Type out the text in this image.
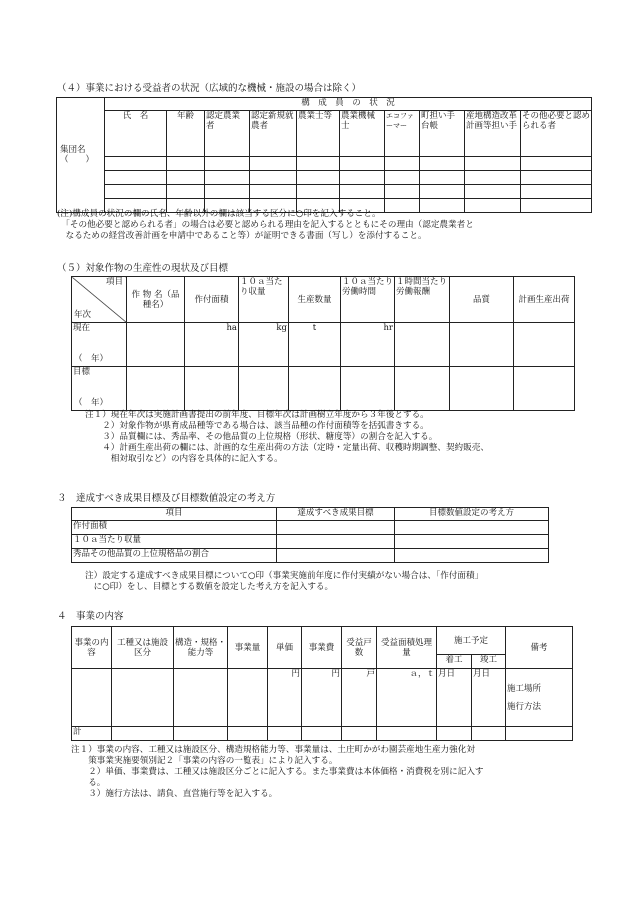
（４）事業における受益者の状況（広域的な機械・施設の場合は除く）
集団名
（　　）	構　成　員　の　状　況									
	氏　名	年齢	認定農業者	認定新規就農者	農業士等	農業機械士	エコファーマー	町担い手台帳	産地構造改革計画等担い手	その他必要と認められる者

(注)構成員の状況の欄の氏名、年齢以外の欄は該当する区分に○印を記入すること。
　「その他必要と認められる者」の場合は必要と認められる理由を記入するとともにその理由（認定農業者と
　なるための経営改善計画を申請中であること等）が証明できる書面（写し）を添付すること。
（５）対象作物の生産性の現状及び目標
項目
年次	作 物 名（品種名）	作付面積	１０ａ当たり収量	生産数量	１０ａ当たり労働時間	１時間当たり労働報酬	品質	計画生産出荷

現在
（　年）		ha	kg	t	hr			

目標
（　年）								

注１）現在年次は実施計画書提出の前年度、目標年次は計画樹立年度から３年後とする。
　　２）対象作物が県育成品種等である場合は、該当品種の作付面積等を括弧書きする。
　　３）品質欄には、秀品率、その他品質の上位規格（形状、糖度等）の割合を記入する。
　　４）計画生産出荷の欄には、計画的な生産出荷の方法（定時・定量出荷、収穫時期調整、契約販売、
　　　相対取引など）の内容を具体的に記入する。
３　達成すべき成果目標及び目標数値設定の考え方
項目	達成すべき成果目標	目標数値設定の考え方
作付面積		
１０ａ当たり収量		
秀品その他品質の上位規格品の割合		
注）設定する達成すべき成果目標について○印（事業実施前年度に作付実績がない場合は、「作付面積」
　に○印）をし、目標とする数値を設定した考え方を記入する。
４　事業の内容
事業の内容	工種又は施設区分	構造・規格・能力等	事業量	単価	事業費	受益戸数	受益面積処理量	施工予定		備考
								着工	竣工	
				円	円	戸	ａ，ｔ	月日	月日	施工場所
施行方法

計										
注１）事業の内容、工種又は施設区分、構造規格能力等、事業量は、土庄町かがわ園芸産地生産力強化対
　　策事業実施要領別記２「事業の内容の一覧表」により記入する。
　　２）単価、事業費は、工種又は施設区分ごとに記入する。また事業費は本体価格・消費税を別に記入す
　　る。
　　３）施行方法は、請負、直営施行等を記入する。
